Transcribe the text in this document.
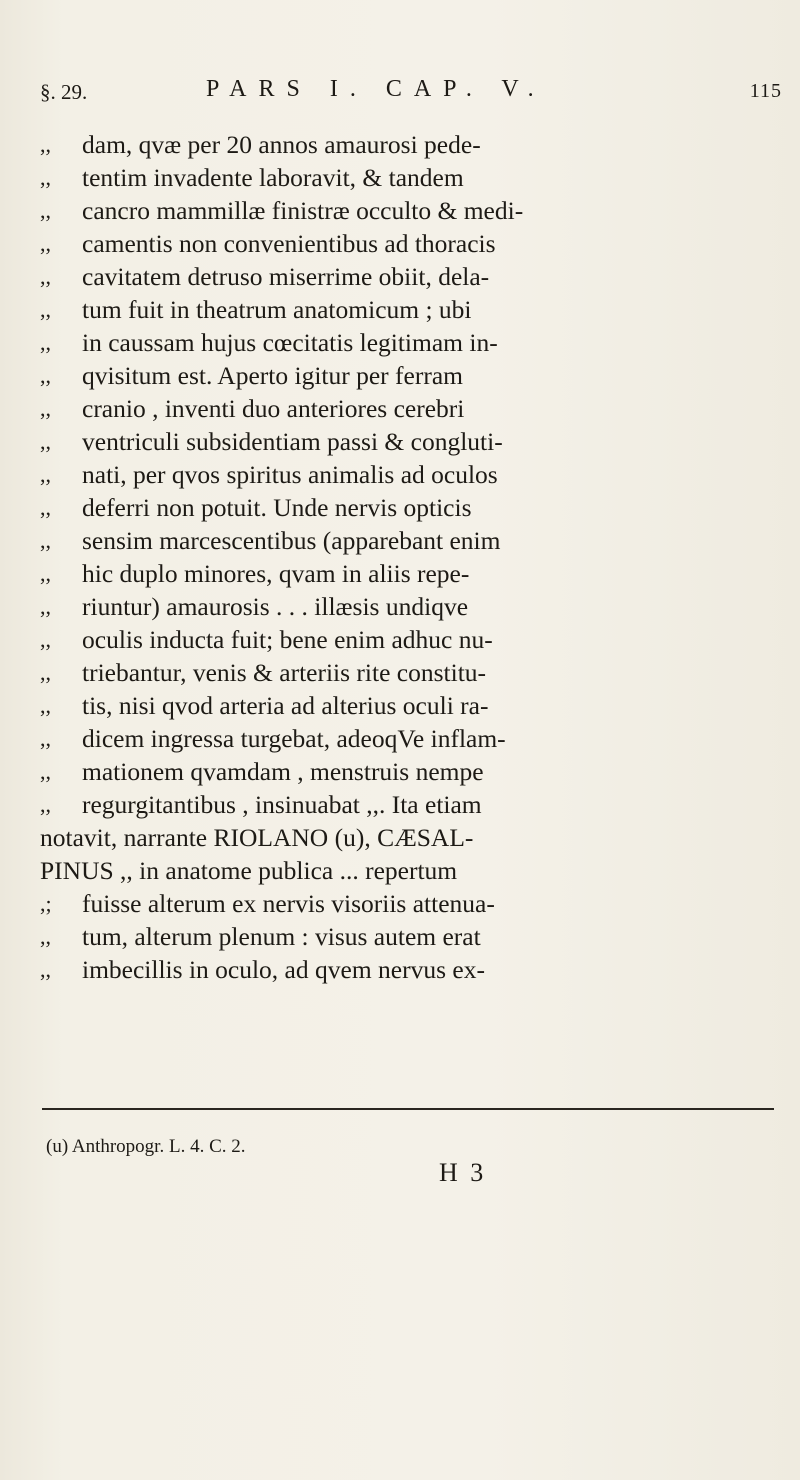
§. 29.	PARS I. CAP. V.	115
,,	dam, qvæ per 20 annos amaurosi pede-
,,	tentim invadente laboravit, & tandem
,,	cancro mammillæ finistræ occulto & medi-
,,	camentis non convenientibus ad thoracis
,,	cavitatem detruso miserrime obiit, dela-
,,	tum fuit in theatrum anatomicum ; ubi
,,	in caussam hujus cœcitatis legitimam in-
,,	qvisitum est. Aperto igitur per ferram
,,	cranio , inventi duo anteriores cerebri
,,	ventriculi subsidentiam passi & congluti-
,,	nati, per qvos spiritus animalis ad oculos
,,	deferri non potuit. Unde nervis opticis
,,	sensim marcescentibus (apparebant enim
,,	hic duplo minores, qvam in aliis repe-
,,	riuntur) amaurosis . . . illæsis undiqve
,,	oculis inducta fuit; bene enim adhuc nu-
,,	triebantur, venis & arteriis rite constitu-
,,	tis, nisi qvod arteria ad alterius oculi ra-
,,	dicem ingressa turgebat, adeoqVe inflam-
,,	mationem qvamdam , menstruis nempe
,,	regurgitantibus , insinuabat ,,. Ita etiam
notavit, narrante RIOLANO (u), CÆSAL-
PINUS ,, in anatome publica ... repertum
,;	fuisse alterum ex nervis visoriis attenua-
,,	tum, alterum plenum : visus autem erat
,,	imbecillis in oculo, ad qvem nervus ex-
(u) Anthropogr. L. 4. C. 2.
H 3
